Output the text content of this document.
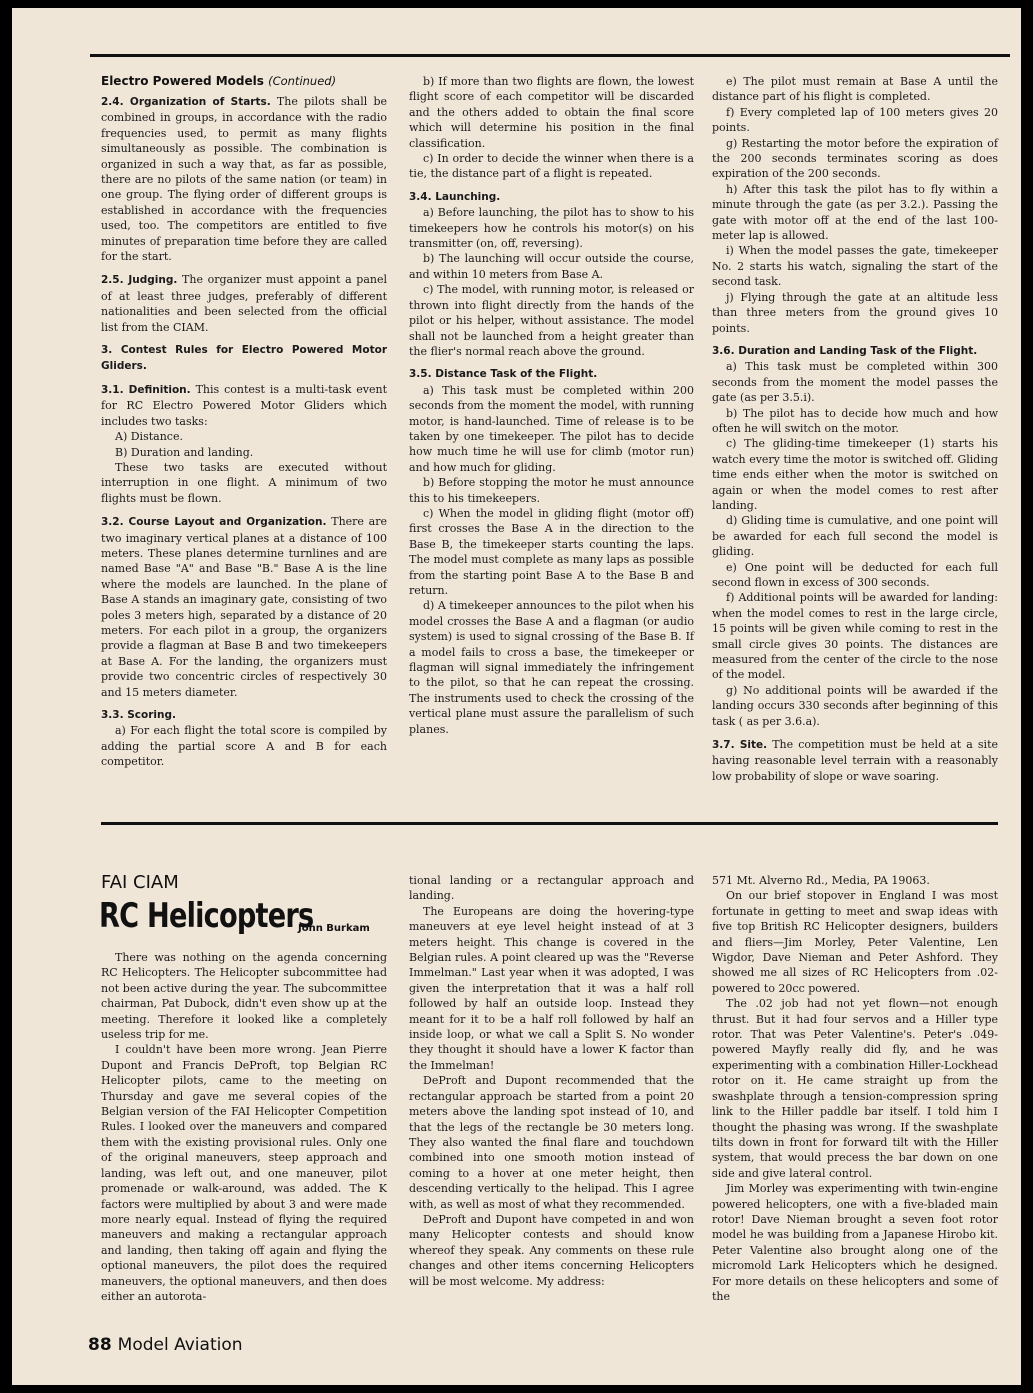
Electro Powered Models (Continued)

2.4. Organization of Starts. The pilots shall be combined in groups, in accordance with the radio frequencies used, to permit as many flights simultaneously as possible. The combination is organized in such a way that, as far as possible, there are no pilots of the same nation (or team) in one group. The flying order of different groups is established in accordance with the frequencies used, too. The competitors are entitled to five minutes of preparation time before they are called for the start.

2.5. Judging. The organizer must appoint a panel of at least three judges, preferably of different nationalities and been selected from the official list from the CIAM.

3. Contest Rules for Electro Powered Motor Gliders.

3.1. Definition. This contest is a multi-task event for RC Electro Powered Motor Gliders which includes two tasks:

A) Distance.

B) Duration and landing.

These two tasks are executed without interruption in one flight. A minimum of two flights must be flown.

3.2. Course Layout and Organization. There are two imaginary vertical planes at a distance of 100 meters. These planes determine turnlines and are named Base "A" and Base "B." Base A is the line where the models are launched. In the plane of Base A stands an imaginary gate, consisting of two poles 3 meters high, separated by a distance of 20 meters. For each pilot in a group, the organizers provide a flagman at Base B and two timekeepers at Base A. For the landing, the organizers must provide two concentric circles of respectively 30 and 15 meters diameter.

3.3. Scoring.

a) For each flight the total score is compiled by adding the partial score A and B for each competitor.

b) If more than two flights are flown, the lowest flight score of each competitor will be discarded and the others added to obtain the final score which will determine his position in the final classification.

c) In order to decide the winner when there is a tie, the distance part of a flight is repeated.

3.4. Launching.

a) Before launching, the pilot has to show to his timekeepers how he controls his motor(s) on his transmitter (on, off, reversing).

b) The launching will occur outside the course, and within 10 meters from Base A.

c) The model, with running motor, is released or thrown into flight directly from the hands of the pilot or his helper, without assistance. The model shall not be launched from a height greater than the flier's normal reach above the ground.

3.5. Distance Task of the Flight.

a) This task must be completed within 200 seconds from the moment the model, with running motor, is hand-launched. Time of release is to be taken by one timekeeper. The pilot has to decide how much time he will use for climb (motor run) and how much for gliding.

b) Before stopping the motor he must announce this to his timekeepers.

c) When the model in gliding flight (motor off) first crosses the Base A in the direction to the Base B, the timekeeper starts counting the laps. The model must complete as many laps as possible from the starting point Base A to the Base B and return.

d) A timekeeper announces to the pilot when his model crosses the Base A and a flagman (or audio system) is used to signal crossing of the Base B. If a model fails to cross a base, the timekeeper or flagman will signal immediately the infringement to the pilot, so that he can repeat the crossing. The instruments used to check the crossing of the vertical plane must assure the parallelism of such planes.

e) The pilot must remain at Base A until the distance part of his flight is completed.

f) Every completed lap of 100 meters gives 20 points.

g) Restarting the motor before the expiration of the 200 seconds terminates scoring as does expiration of the 200 seconds.

h) After this task the pilot has to fly within a minute through the gate (as per 3.2.). Passing the gate with motor off at the end of the last 100-meter lap is allowed.

i) When the model passes the gate, timekeeper No. 2 starts his watch, signaling the start of the second task.

j) Flying through the gate at an altitude less than three meters from the ground gives 10 points.

3.6. Duration and Landing Task of the Flight.

a) This task must be completed within 300 seconds from the moment the model passes the gate (as per 3.5.i).

b) The pilot has to decide how much and how often he will switch on the motor.

c) The gliding-time timekeeper (1) starts his watch every time the motor is switched off. Gliding time ends either when the motor is switched on again or when the model comes to rest after landing.

d) Gliding time is cumulative, and one point will be awarded for each full second the model is gliding.

e) One point will be deducted for each full second flown in excess of 300 seconds.

f) Additional points will be awarded for landing: when the model comes to rest in the large circle, 15 points will be given while coming to rest in the small circle gives 30 points. The distances are measured from the center of the circle to the nose of the model.

g) No additional points will be awarded if the landing occurs 330 seconds after beginning of this task ( as per 3.6.a).

3.7. Site. The competition must be held at a site having reasonable level terrain with a reasonably low probability of slope or wave soaring.

FAI CIAM
RC Helicopters
John Burkam

There was nothing on the agenda concerning RC Helicopters. The Helicopter subcommittee had not been active during the year. The subcommittee chairman, Pat Dubock, didn't even show up at the meeting. Therefore it looked like a completely useless trip for me.

I couldn't have been more wrong. Jean Pierre Dupont and Francis DeProft, top Belgian RC Helicopter pilots, came to the meeting on Thursday and gave me several copies of the Belgian version of the FAI Helicopter Competition Rules. I looked over the maneuvers and compared them with the existing provisional rules. Only one of the original maneuvers, steep approach and landing, was left out, and one maneuver, pilot promenade or walk-around, was added. The K factors were multiplied by about 3 and were made more nearly equal. Instead of flying the required maneuvers and making a rectangular approach and landing, then taking off again and flying the optional maneuvers, the pilot does the required maneuvers, the optional maneuvers, and then does either an autorota-

tional landing or a rectangular approach and landing.

The Europeans are doing the hovering-type maneuvers at eye level height instead of at 3 meters height. This change is covered in the Belgian rules. A point cleared up was the "Reverse Immelman." Last year when it was adopted, I was given the interpretation that it was a half roll followed by half an outside loop. Instead they meant for it to be a half roll followed by half an inside loop, or what we call a Split S. No wonder they thought it should have a lower K factor than the Immelman!

DeProft and Dupont recommended that the rectangular approach be started from a point 20 meters above the landing spot instead of 10, and that the legs of the rectangle be 30 meters long. They also wanted the final flare and touchdown combined into one smooth motion instead of coming to a hover at one meter height, then descending vertically to the helipad. This I agree with, as well as most of what they recommended.

DeProft and Dupont have competed in and won many Helicopter contests and should know whereof they speak. Any comments on these rule changes and other items concerning Helicopters will be most welcome. My address:

571 Mt. Alverno Rd., Media, PA 19063.

On our brief stopover in England I was most fortunate in getting to meet and swap ideas with five top British RC Helicopter designers, builders and fliers—Jim Morley, Peter Valentine, Len Wigdor, Dave Nieman and Peter Ashford. They showed me all sizes of RC Helicopters from .02-powered to 20cc powered.

The .02 job had not yet flown—not enough thrust. But it had four servos and a Hiller type rotor. That was Peter Valentine's. Peter's .049-powered Mayfly really did fly, and he was experimenting with a combination Hiller-Lockhead rotor on it. He came straight up from the swashplate through a tension-compression spring link to the Hiller paddle bar itself. I told him I thought the phasing was wrong. If the swashplate tilts down in front for forward tilt with the Hiller system, that would precess the bar down on one side and give lateral control.

Jim Morley was experimenting with twin-engine powered helicopters, one with a five-bladed main rotor! Dave Nieman brought a seven foot rotor model he was building from a Japanese Hirobo kit. Peter Valentine also brought along one of the micromold Lark Helicopters which he designed. For more details on these helicopters and some of the

88 Model Aviation
